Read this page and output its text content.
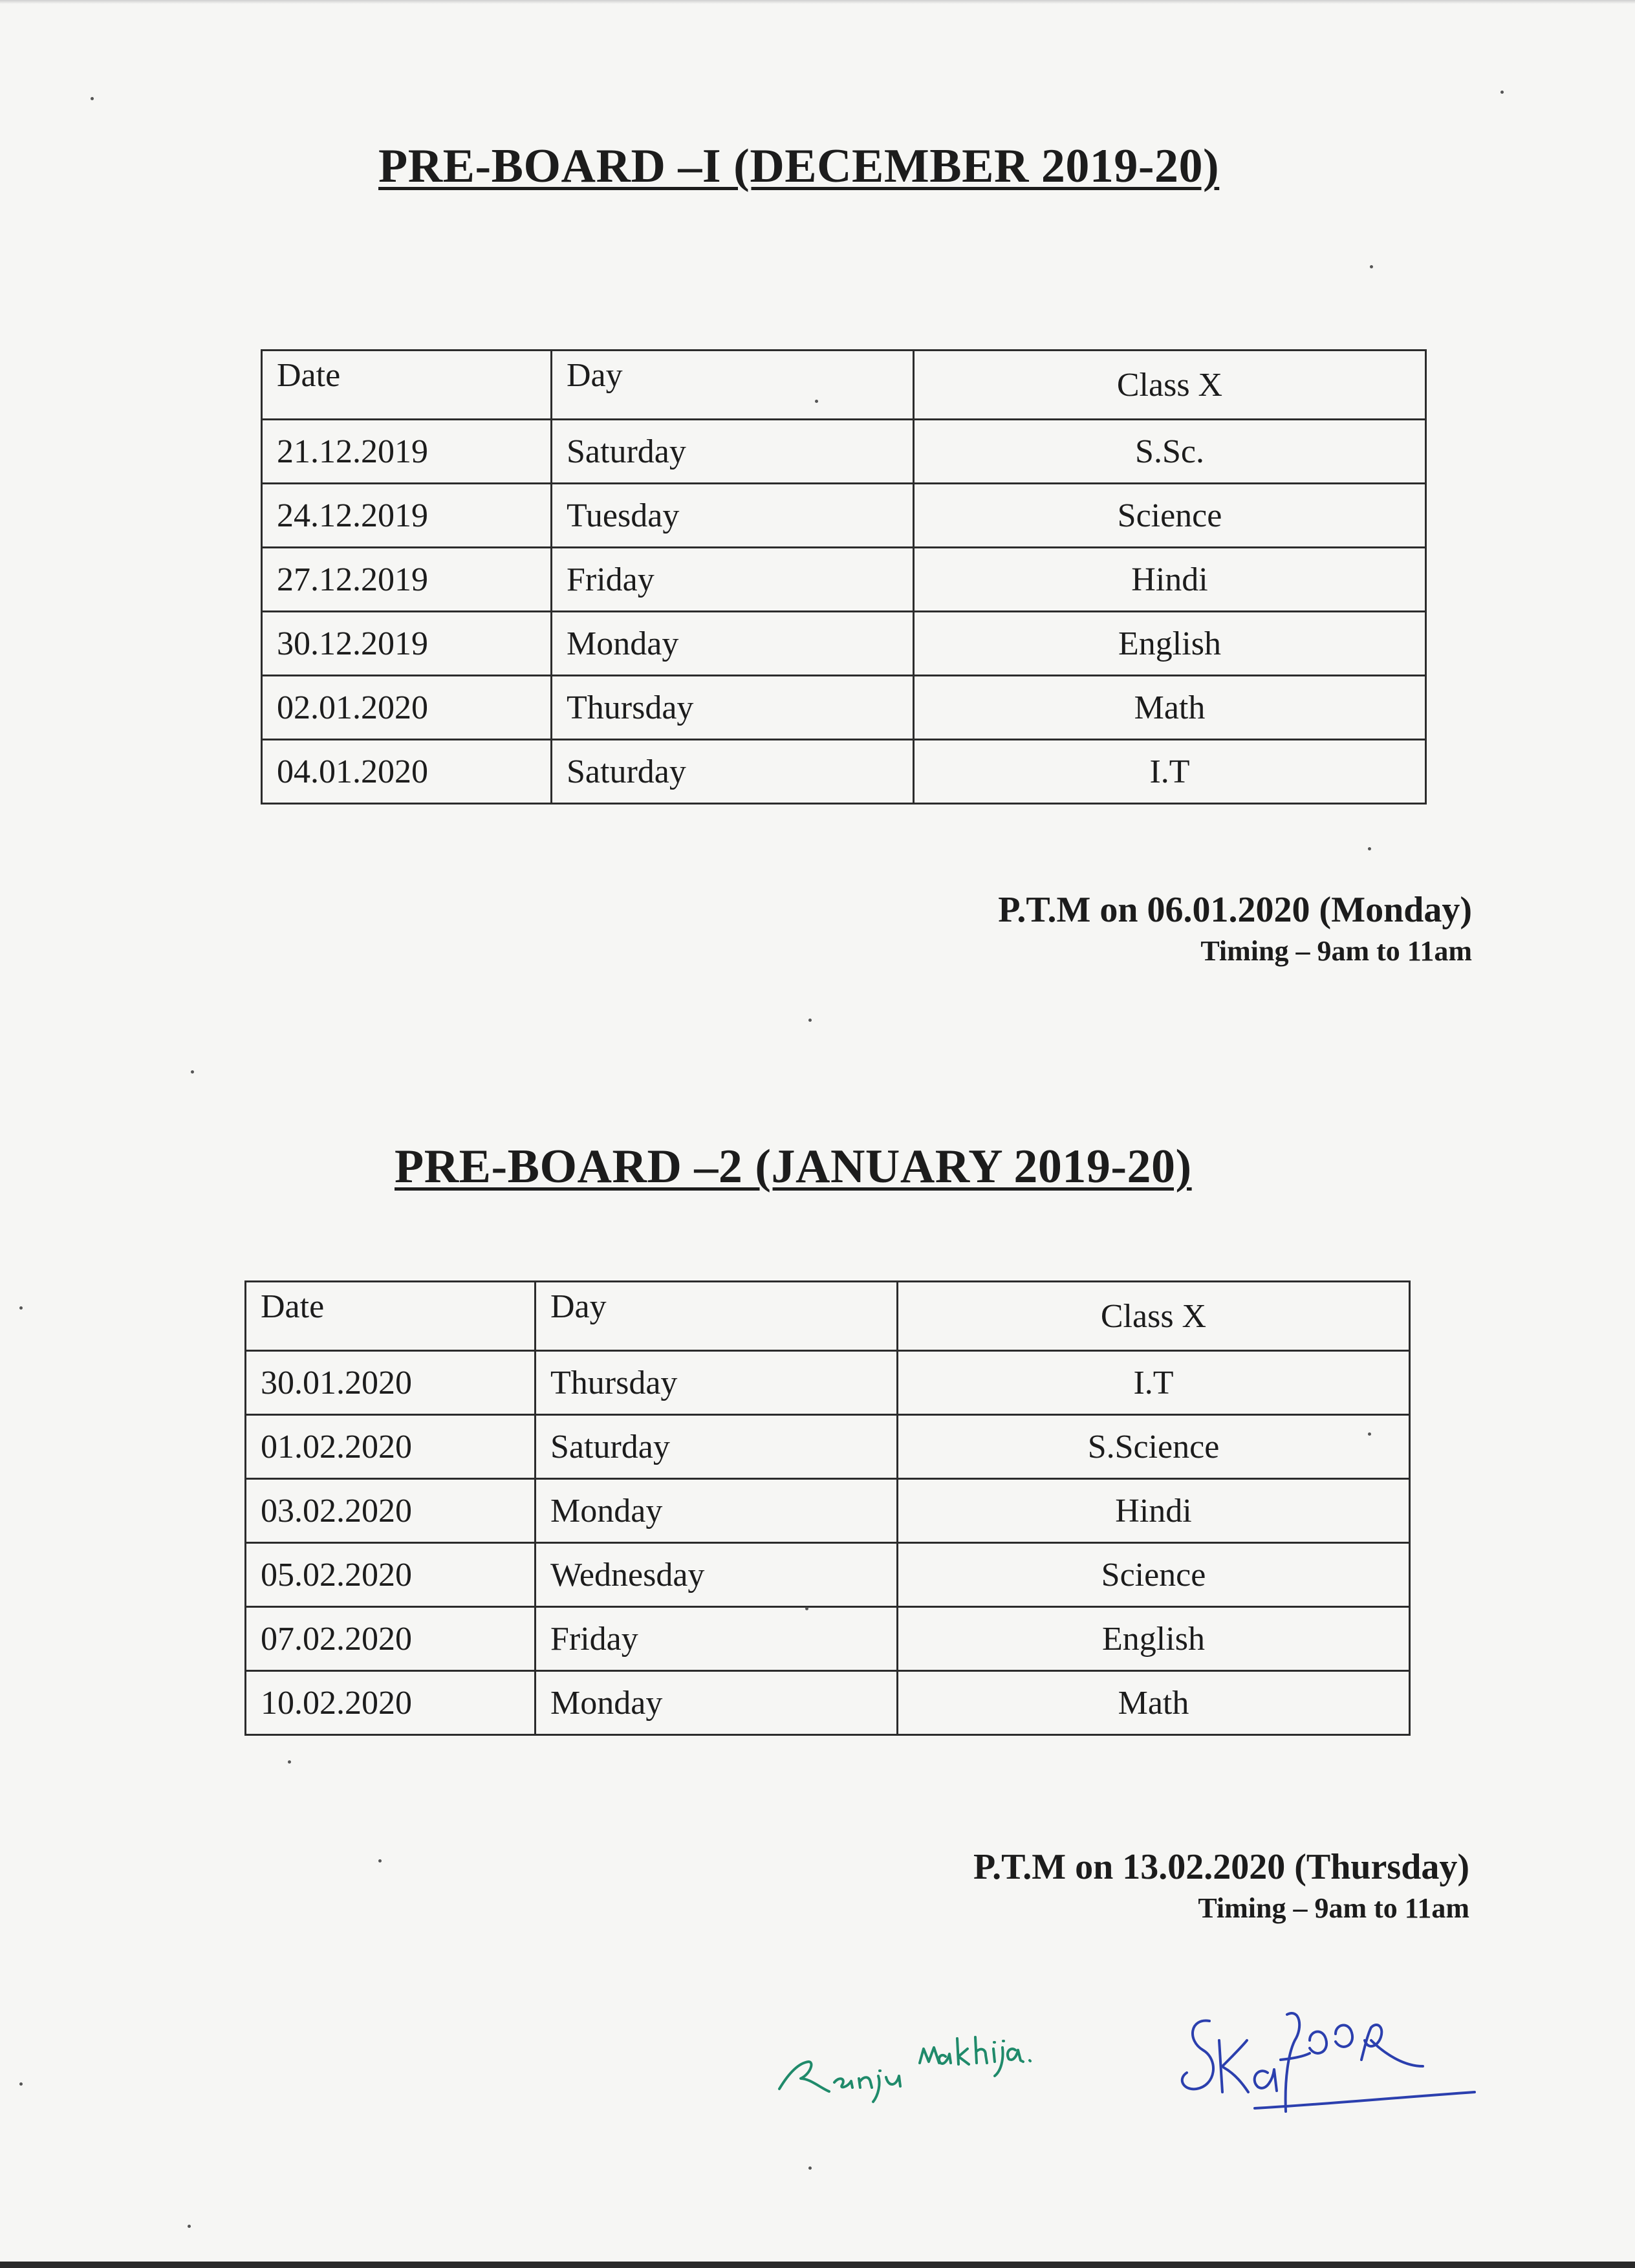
PRE-BOARD –I (DECEMBER 2019-20)
Date	Day	Class X
21.12.2019	Saturday	S.Sc.
24.12.2019	Tuesday	Science
27.12.2019	Friday	Hindi
30.12.2019	Monday	English
02.01.2020	Thursday	Math
04.01.2020	Saturday	I.T
P.T.M on 06.01.2020 (Monday)
Timing – 9am to 11am
PRE-BOARD –2 (JANUARY 2019-20)
Date	Day	Class X
30.01.2020	Thursday	I.T
01.02.2020	Saturday	S.Science
03.02.2020	Monday	Hindi
05.02.2020	Wednesday	Science
07.02.2020	Friday	English
10.02.2020	Monday	Math
P.T.M on 13.02.2020 (Thursday)
Timing – 9am to 11am
